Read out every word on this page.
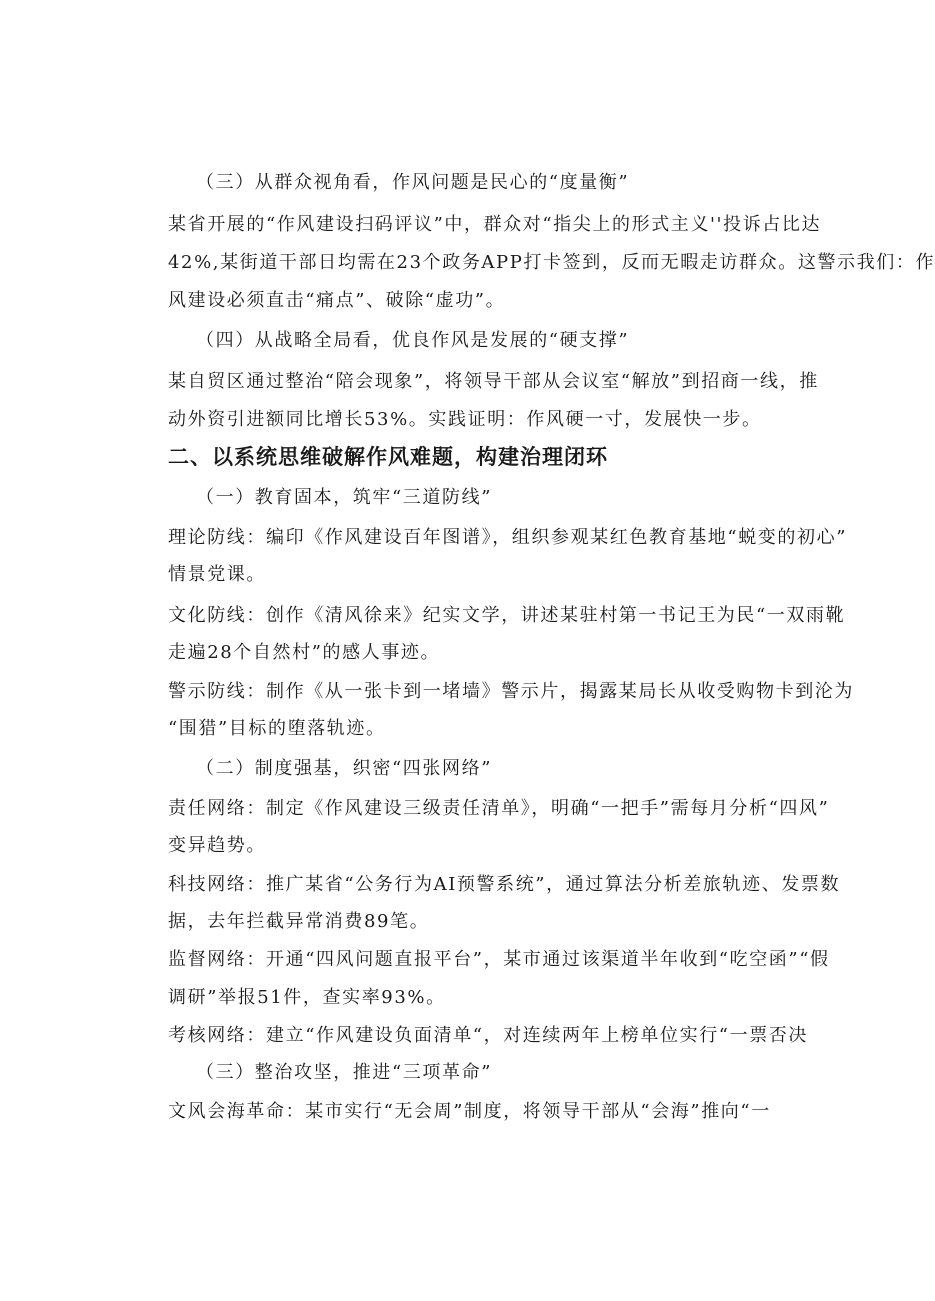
（三）从群众视角看，作风问题是民心的“度量衡”
某省开展的“作风建设扫码评议”中，群众对“指尖上的形式主义''投诉占比达
42%,某街道干部日均需在23个政务APP打卡签到，反而无暇走访群众。这警示我们：作
风建设必须直击“痛点”、破除“虚功”。
（四）从战略全局看，优良作风是发展的“硬支撑”
某自贸区通过整治“陪会现象”，将领导干部从会议室“解放”到招商一线，推
动外资引进额同比增长53%。实践证明：作风硬一寸，发展快一步。
二、以系统思维破解作风难题，构建治理闭环
（一）教育固本，筑牢“三道防线”
理论防线：编印《作风建设百年图谱》，组织参观某红色教育基地“蜕变的初心”
情景党课。
文化防线：创作《清风徐来》纪实文学，讲述某驻村第一书记王为民“一双雨靴
走遍28个自然村”的感人事迹。
警示防线：制作《从一张卡到一堵墙》警示片，揭露某局长从收受购物卡到沦为
“围猎”目标的堕落轨迹。
（二）制度强基，织密“四张网络”
责任网络：制定《作风建设三级责任清单》，明确“一把手”需每月分析“四风”
变异趋势。
科技网络：推广某省“公务行为AI预警系统”，通过算法分析差旅轨迹、发票数
据，去年拦截异常消费89笔。
监督网络：开通“四风问题直报平台”，某市通过该渠道半年收到“吃空函”“假
调研”举报51件，查实率93%。
考核网络：建立“作风建设负面清单“，对连续两年上榜单位实行“一票否决
（三）整治攻坚，推进“三项革命”
文风会海革命：某市实行“无会周”制度，将领导干部从“会海”推向“一
